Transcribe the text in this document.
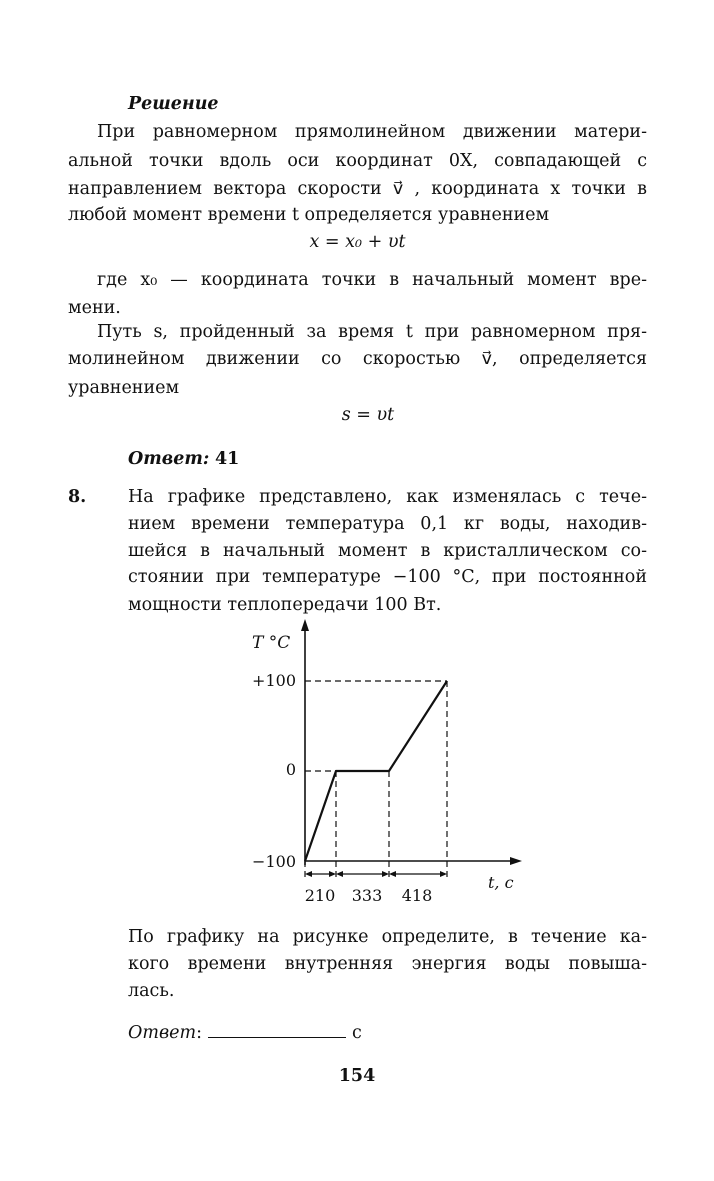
Решение
При равномерном прямолинейном движении матери-
альной точки вдоль оси координат 0X, совпадающей с
направлением вектора скорости v⃗ , координата x точки в
любой момент времени t определяется уравнением
x = x₀ + υt
где x₀ — координата точки в начальный момент вре-
мени.
Путь s, пройденный за время t при равномерном пря-
молинейном движении со скоростью v⃗, определяется
уравнением
s = υt
Ответ: 41
8. На графике представлено, как изменялась с тече-
нием времени температура 0,1 кг воды, находив-
шейся в начальный момент в кристаллическом со-
стоянии при температуре −100 °С, при постоянной
мощности теплопередачи 100 Вт.
T °C
t, с
+100
0
−100
210 333 418
По графику на рисунке определите, в течение ка-
кого времени внутренняя энергия воды повыша-
лась.
Ответ:	с
154
